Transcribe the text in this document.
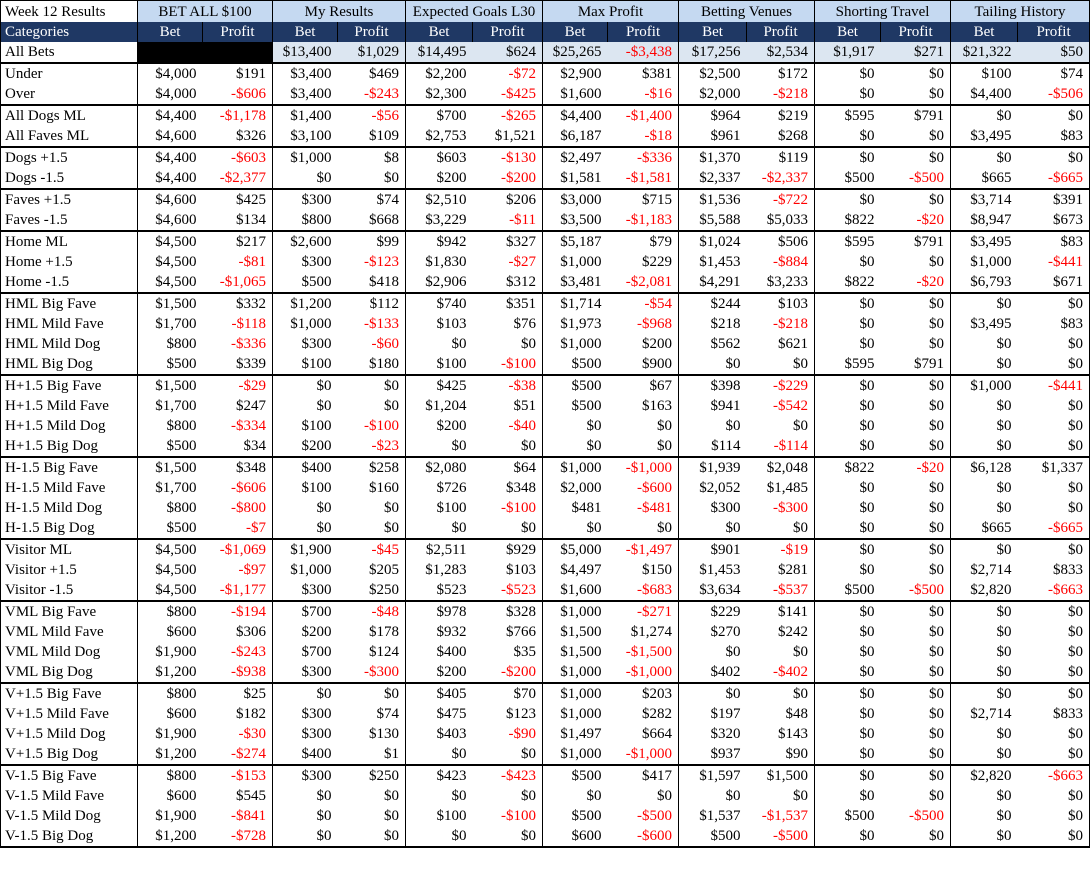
Week 12 Results	BET ALL $100		My Results		Expected Goals L30		Max Profit		Betting Venues		Shorting Travel		Tailing History	
Categories	Bet	Profit	Bet	Profit	Bet	Profit	Bet	Profit	Bet	Profit	Bet	Profit	Bet	Profit
All Bets			$13,400	$1,029	$14,495	$624	$25,265	-$3,438	$17,256	$2,534	$1,917	$271	$21,322	$50
Under	$4,000	$191	$3,400	$469	$2,200	-$72	$2,900	$381	$2,500	$172	$0	$0	$100	$74
Over	$4,000	-$606	$3,400	-$243	$2,300	-$425	$1,600	-$16	$2,000	-$218	$0	$0	$4,400	-$506
All Dogs ML	$4,400	-$1,178	$1,400	-$56	$700	-$265	$4,400	-$1,400	$964	$219	$595	$791	$0	$0
All Faves ML	$4,600	$326	$3,100	$109	$2,753	$1,521	$6,187	-$18	$961	$268	$0	$0	$3,495	$83
Dogs +1.5	$4,400	-$603	$1,000	$8	$603	-$130	$2,497	-$336	$1,370	$119	$0	$0	$0	$0
Dogs -1.5	$4,400	-$2,377	$0	$0	$200	-$200	$1,581	-$1,581	$2,337	-$2,337	$500	-$500	$665	-$665
Faves +1.5	$4,600	$425	$300	$74	$2,510	$206	$3,000	$715	$1,536	-$722	$0	$0	$3,714	$391
Faves -1.5	$4,600	$134	$800	$668	$3,229	-$11	$3,500	-$1,183	$5,588	$5,033	$822	-$20	$8,947	$673
Home ML	$4,500	$217	$2,600	$99	$942	$327	$5,187	$79	$1,024	$506	$595	$791	$3,495	$83
Home +1.5	$4,500	-$81	$300	-$123	$1,830	-$27	$1,000	$229	$1,453	-$884	$0	$0	$1,000	-$441
Home -1.5	$4,500	-$1,065	$500	$418	$2,906	$312	$3,481	-$2,081	$4,291	$3,233	$822	-$20	$6,793	$671
HML Big Fave	$1,500	$332	$1,200	$112	$740	$351	$1,714	-$54	$244	$103	$0	$0	$0	$0
HML Mild Fave	$1,700	-$118	$1,000	-$133	$103	$76	$1,973	-$968	$218	-$218	$0	$0	$3,495	$83
HML Mild Dog	$800	-$336	$300	-$60	$0	$0	$1,000	$200	$562	$621	$0	$0	$0	$0
HML Big Dog	$500	$339	$100	$180	$100	-$100	$500	$900	$0	$0	$595	$791	$0	$0
H+1.5 Big Fave	$1,500	-$29	$0	$0	$425	-$38	$500	$67	$398	-$229	$0	$0	$1,000	-$441
H+1.5 Mild Fave	$1,700	$247	$0	$0	$1,204	$51	$500	$163	$941	-$542	$0	$0	$0	$0
H+1.5 Mild Dog	$800	-$334	$100	-$100	$200	-$40	$0	$0	$0	$0	$0	$0	$0	$0
H+1.5 Big Dog	$500	$34	$200	-$23	$0	$0	$0	$0	$114	-$114	$0	$0	$0	$0
H-1.5 Big Fave	$1,500	$348	$400	$258	$2,080	$64	$1,000	-$1,000	$1,939	$2,048	$822	-$20	$6,128	$1,337
H-1.5 Mild Fave	$1,700	-$606	$100	$160	$726	$348	$2,000	-$600	$2,052	$1,485	$0	$0	$0	$0
H-1.5 Mild Dog	$800	-$800	$0	$0	$100	-$100	$481	-$481	$300	-$300	$0	$0	$0	$0
H-1.5 Big Dog	$500	-$7	$0	$0	$0	$0	$0	$0	$0	$0	$0	$0	$665	-$665
Visitor ML	$4,500	-$1,069	$1,900	-$45	$2,511	$929	$5,000	-$1,497	$901	-$19	$0	$0	$0	$0
Visitor +1.5	$4,500	-$97	$1,000	$205	$1,283	$103	$4,497	$150	$1,453	$281	$0	$0	$2,714	$833
Visitor -1.5	$4,500	-$1,177	$300	$250	$523	-$523	$1,600	-$683	$3,634	-$537	$500	-$500	$2,820	-$663
VML Big Fave	$800	-$194	$700	-$48	$978	$328	$1,000	-$271	$229	$141	$0	$0	$0	$0
VML Mild Fave	$600	$306	$200	$178	$932	$766	$1,500	$1,274	$270	$242	$0	$0	$0	$0
VML Mild Dog	$1,900	-$243	$700	$124	$400	$35	$1,500	-$1,500	$0	$0	$0	$0	$0	$0
VML Big Dog	$1,200	-$938	$300	-$300	$200	-$200	$1,000	-$1,000	$402	-$402	$0	$0	$0	$0
V+1.5 Big Fave	$800	$25	$0	$0	$405	$70	$1,000	$203	$0	$0	$0	$0	$0	$0
V+1.5 Mild Fave	$600	$182	$300	$74	$475	$123	$1,000	$282	$197	$48	$0	$0	$2,714	$833
V+1.5 Mild Dog	$1,900	-$30	$300	$130	$403	-$90	$1,497	$664	$320	$143	$0	$0	$0	$0
V+1.5 Big Dog	$1,200	-$274	$400	$1	$0	$0	$1,000	-$1,000	$937	$90	$0	$0	$0	$0
V-1.5 Big Fave	$800	-$153	$300	$250	$423	-$423	$500	$417	$1,597	$1,500	$0	$0	$2,820	-$663
V-1.5 Mild Fave	$600	$545	$0	$0	$0	$0	$0	$0	$0	$0	$0	$0	$0	$0
V-1.5 Mild Dog	$1,900	-$841	$0	$0	$100	-$100	$500	-$500	$1,537	-$1,537	$500	-$500	$0	$0
V-1.5 Big Dog	$1,200	-$728	$0	$0	$0	$0	$600	-$600	$500	-$500	$0	$0	$0	$0
